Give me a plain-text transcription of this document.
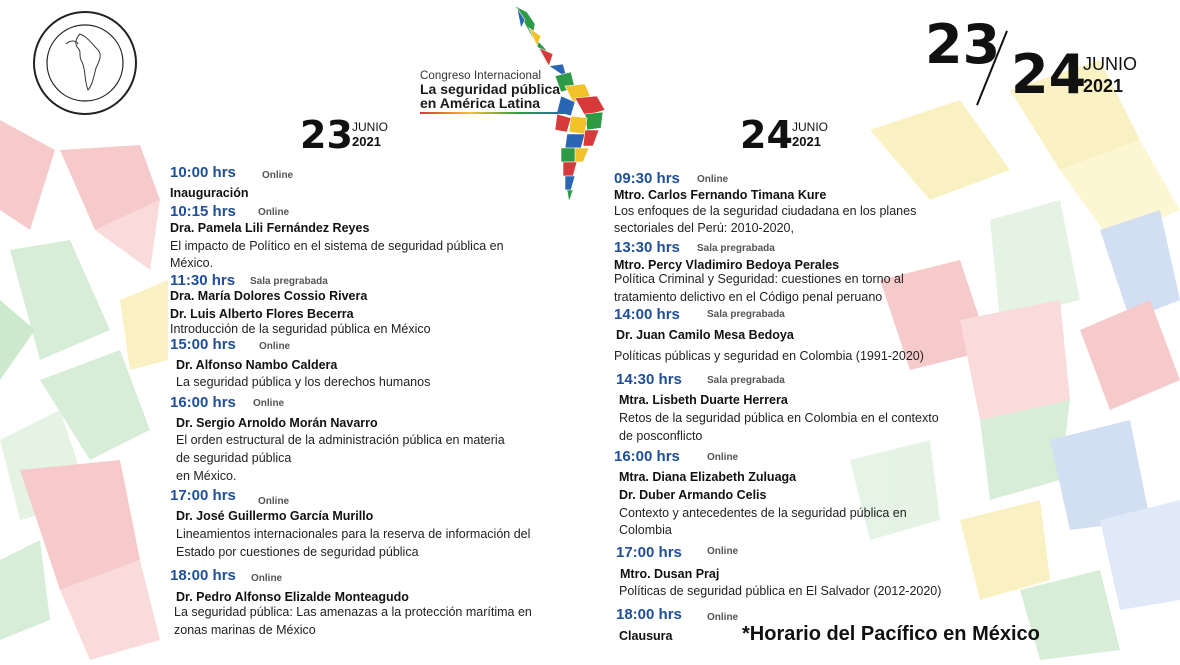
Congreso Internacional
La seguridad pública
en América Latina
23 24
JUNIO
2021
23 JUNIO
2021	24 JUNIO
2021
10:00 hrs	Online
Inauguración
10:15 hrs Online
Dra. Pamela Lili Fernández Reyes
El impacto de Político en el sistema de seguridad pública en
México.
11:30 hrs Sala pregrabada
Dra. María Dolores Cossio Rivera
Dr. Luis Alberto Flores Becerra
Introducción de la seguridad pública en México
15:00 hrs Online
Dr. Alfonso Nambo Caldera
La seguridad pública y los derechos humanos
16:00 hrs Online
Dr. Sergio Arnoldo Morán Navarro
El orden estructural de la administración pública en materia
de seguridad pública
en México.
17:00 hrs Online
Dr. José Guillermo García Murillo
Lineamientos internacionales para la reserva de información del
Estado por cuestiones de seguridad pública
18:00 hrs Online
Dr. Pedro Alfonso Elizalde Monteagudo
La seguridad pública: Las amenazas a la protección marítima en
zonas marinas de México
09:30 hrs Online
Mtro. Carlos Fernando Timana Kure
Los enfoques de la seguridad ciudadana en los planes
sectoriales del Perú: 2010-2020,
13:30 hrs Sala pregrabada
Mtro. Percy Vladimiro Bedoya Perales
Política Criminal y Seguridad: cuestiones en torno al
tratamiento delictivo en el Código penal peruano
14:00 hrs	Sala pregrabada
Dr. Juan Camilo Mesa Bedoya
Políticas públicas y seguridad en Colombia (1991-2020)
14:30 hrs	Sala pregrabada
Mtra. Lisbeth Duarte Herrera
Retos de la seguridad pública en Colombia en el contexto
de posconflicto
16:00 hrs	Online
Mtra. Diana Elizabeth Zuluaga
Dr. Duber Armando Celis
Contexto y antecedentes de la seguridad pública en
Colombia
17:00 hrs	Online
Mtro. Dusan Praj
Políticas de seguridad pública en El Salvador (2012-2020)
18:00 hrs	Online
Clausura	*Horario del Pacífico en México
